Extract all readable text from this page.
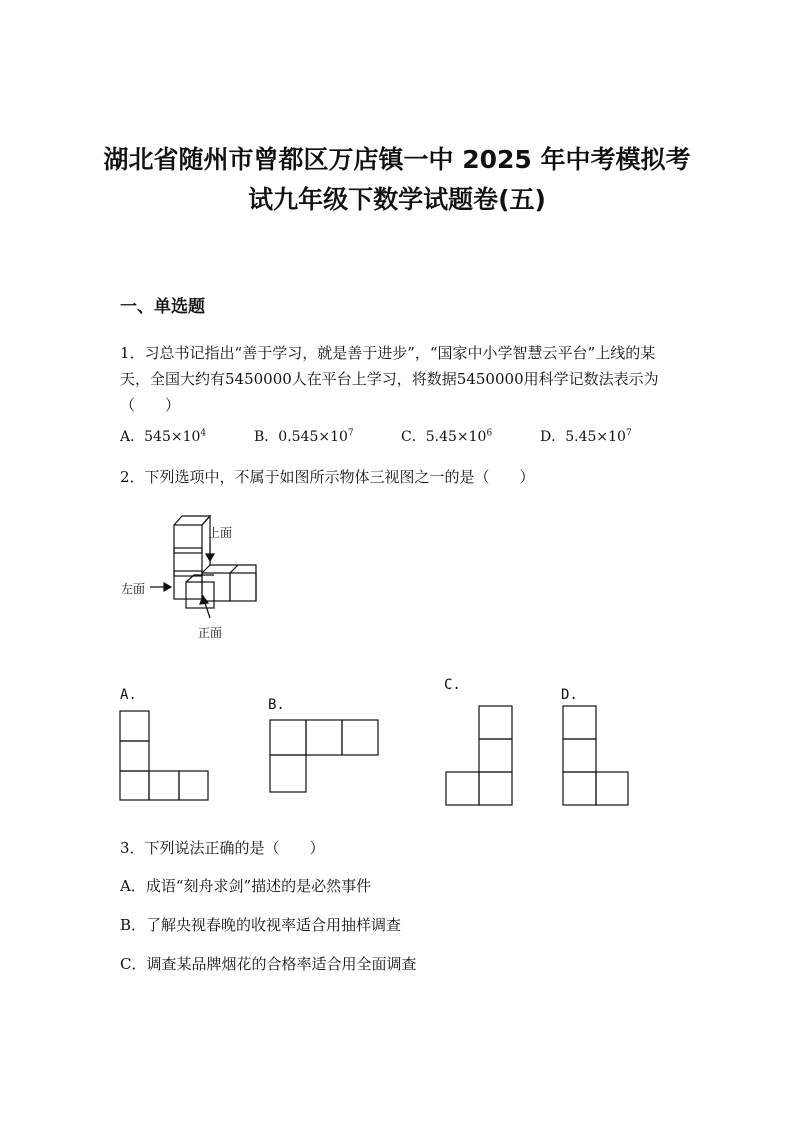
湖北省随州市曾都区万店镇一中 2025 年中考模拟考
试九年级下数学试题卷(五)
一、单选题
1．习总书记指出“善于学习，就是善于进步”，“国家中小学智慧云平台”上线的某天，全国大约有5450000人在平台上学习，将数据5450000用科学记数法表示为（　　）
A．$545\times 10^4$	B．$0.545\times 10^7$	C．$5.45\times 10^6$	D．$5.45\times 10^7$
2．下列选项中，不属于如图所示物体三视图之一的是（　　）
上面
左面
正面
A.
B.
C.
D.
3．下列说法正确的是（　　）
A．成语“刻舟求剑”描述的是必然事件
B．了解央视春晚的收视率适合用抽样调查
C．调查某品牌烟花的合格率适合用全面调查
